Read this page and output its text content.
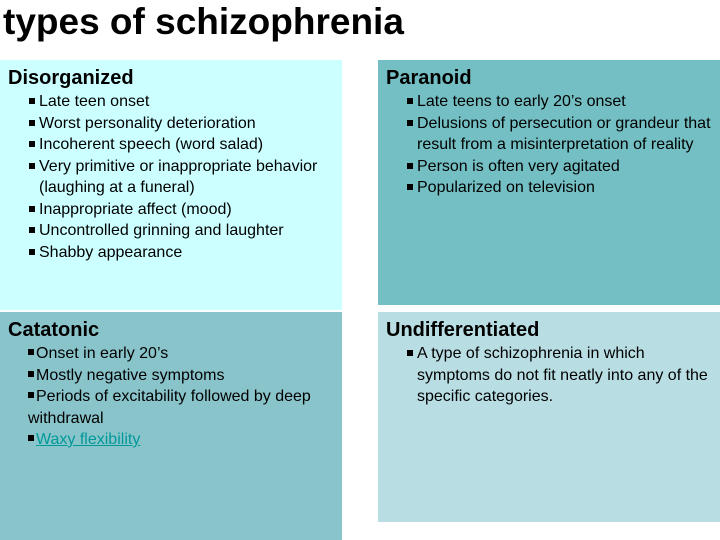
types of schizophrenia
Disorganized
Late teen onset
Worst personality deterioration
Incoherent speech (word salad)
Very primitive or inappropriate behavior (laughing at a funeral)
Inappropriate affect (mood)
Uncontrolled grinning and laughter
Shabby appearance
Paranoid
Late teens to early 20’s onset
Delusions of persecution or grandeur that result from a misinterpretation of reality
Person is often very agitated
Popularized on television
Catatonic
Onset in early 20’s
Mostly negative symptoms
Periods of excitability followed by deep withdrawal
Waxy flexibility
Undifferentiated
A type of schizophrenia in which symptoms do not fit neatly into any of the specific categories.
